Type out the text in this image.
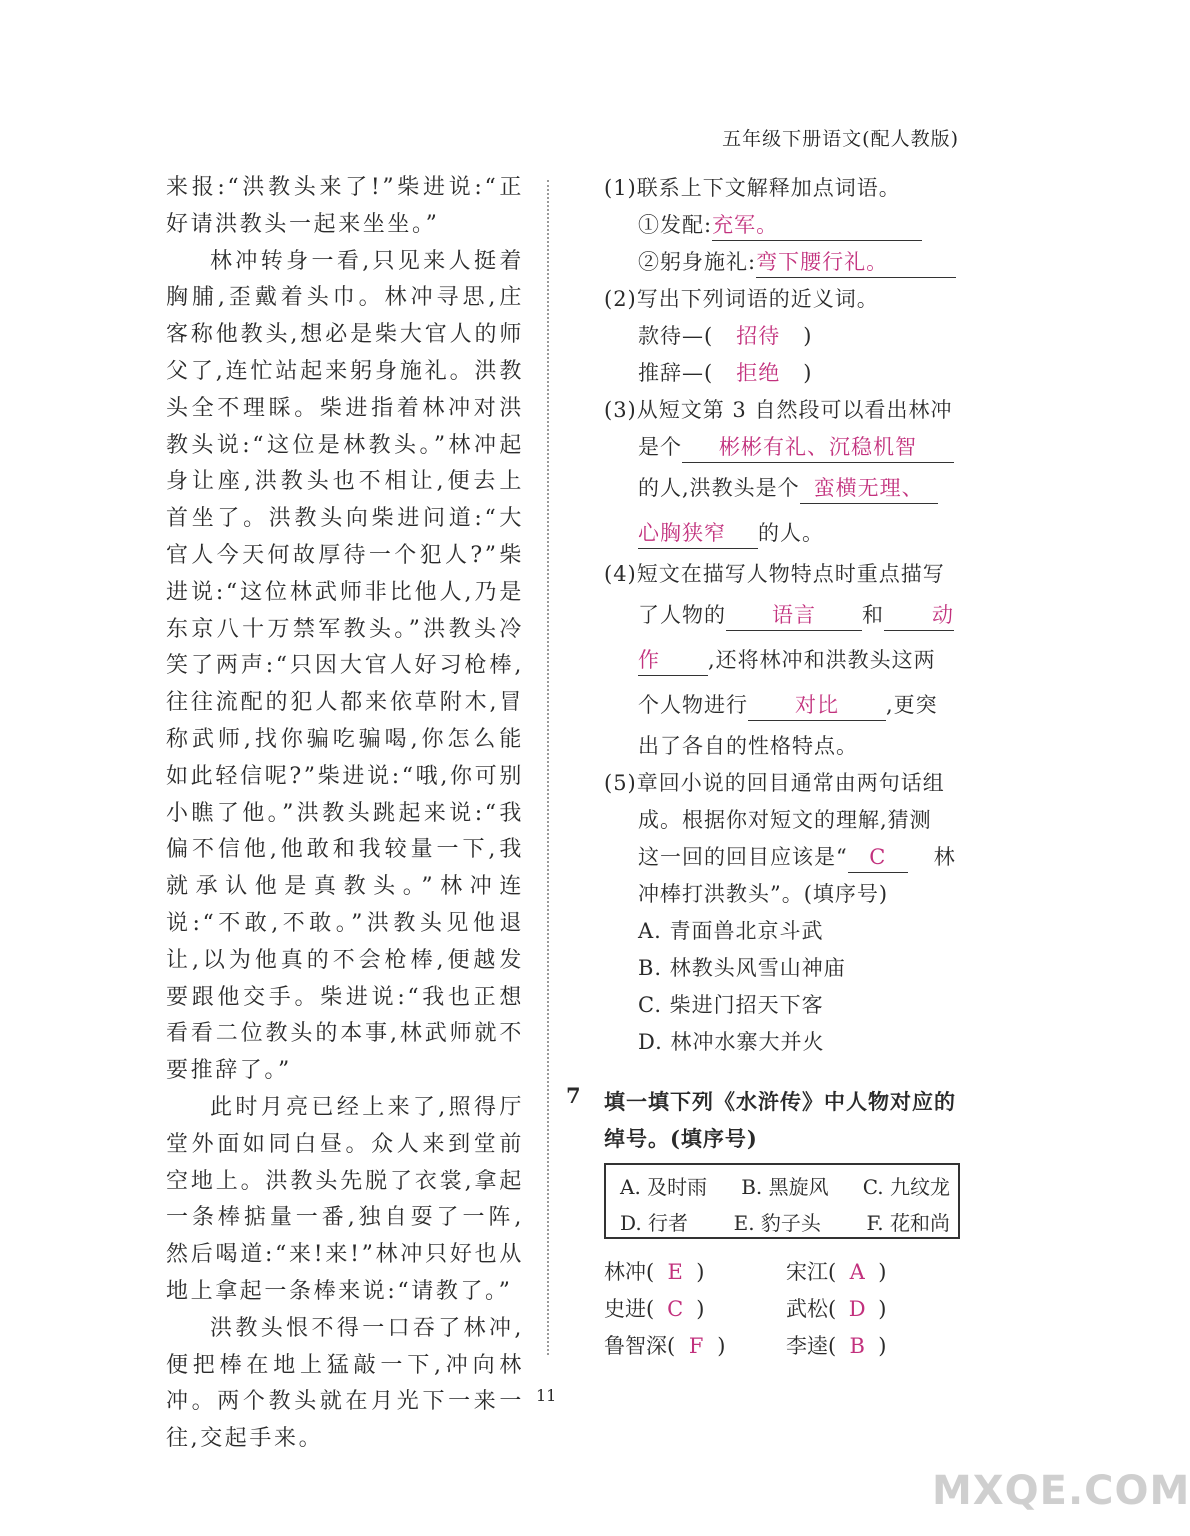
五年级下册语文(配人教版)

来报:“洪教头来了!”柴进说:“正好请洪教头一起来坐坐。”

林冲转身一看,只见来人挺着胸脯,歪戴着头巾。林冲寻思,庄客称他教头,想必是柴大官人的师父了,连忙站起来躬身施礼。洪教头全不理睬。柴进指着林冲对洪教头说:“这位是林教头。”林冲起身让座,洪教头也不相让,便去上首坐了。洪教头向柴进问道:“大官人今天何故厚待一个犯人?”柴进说:“这位林武师非比他人,乃是东京八十万禁军教头。”洪教头冷笑了两声:“只因大官人好习枪棒,往往流配的犯人都来依草附木,冒称武师,找你骗吃骗喝,你怎么能如此轻信呢?”柴进说:“哦,你可别小瞧了他。”洪教头跳起来说:“我偏不信他,他敢和我较量一下,我就承认他是真教头。”林冲连说:“不敢,不敢。”洪教头见他退让,以为他真的不会枪棒,便越发要跟他交手。柴进说:“我也正想看看二位教头的本事,林武师就不要推辞了。”

此时月亮已经上来了,照得厅堂外面如同白昼。众人来到堂前空地上。洪教头先脱了衣裳,拿起一条棒掂量一番,独自耍了一阵,然后喝道:“来!来!”林冲只好也从地上拿起一条棒来说:“请教了。”

洪教头恨不得一口吞了林冲,便把棒在地上猛敲一下,冲向林冲。两个教头就在月光下一来一往,交起手来。

(1)联系上下文解释加点词语。
①发配:充军。
②躬身施礼:弯下腰行礼。
(2)写出下列词语的近义词。
款待—( 招待 )
推辞—( 拒绝 )
(3)从短文第 3 自然段可以看出林冲
是个 彬彬有礼、沉稳机智
的人,洪教头是个 蛮横无理、
心胸狭窄 的人。
(4)短文在描写人物特点时重点描写
了人物的 语言 和 动
作 ,还将林冲和洪教头这两
个人物进行 对比 ,更突
出了各自的性格特点。
(5)章回小说的回目通常由两句话组
成。根据你对短文的理解,猜测
这一回的回目应该是“ C 林
冲棒打洪教头”。(填序号)
A. 青面兽北京斗武
B. 林教头风雪山神庙
C. 柴进门招天下客
D. 林冲水寨大并火
7 填一填下列《水浒传》中人物对应的
绰号。(填序号)
A. 及时雨 B. 黑旋风 C. 九纹龙
D. 行者 E. 豹子头 F. 花和尚
林冲( E )	宋江( A )
史进( C )	武松( D )
鲁智深( F )	李逵( B )
11
MXQE.COM
